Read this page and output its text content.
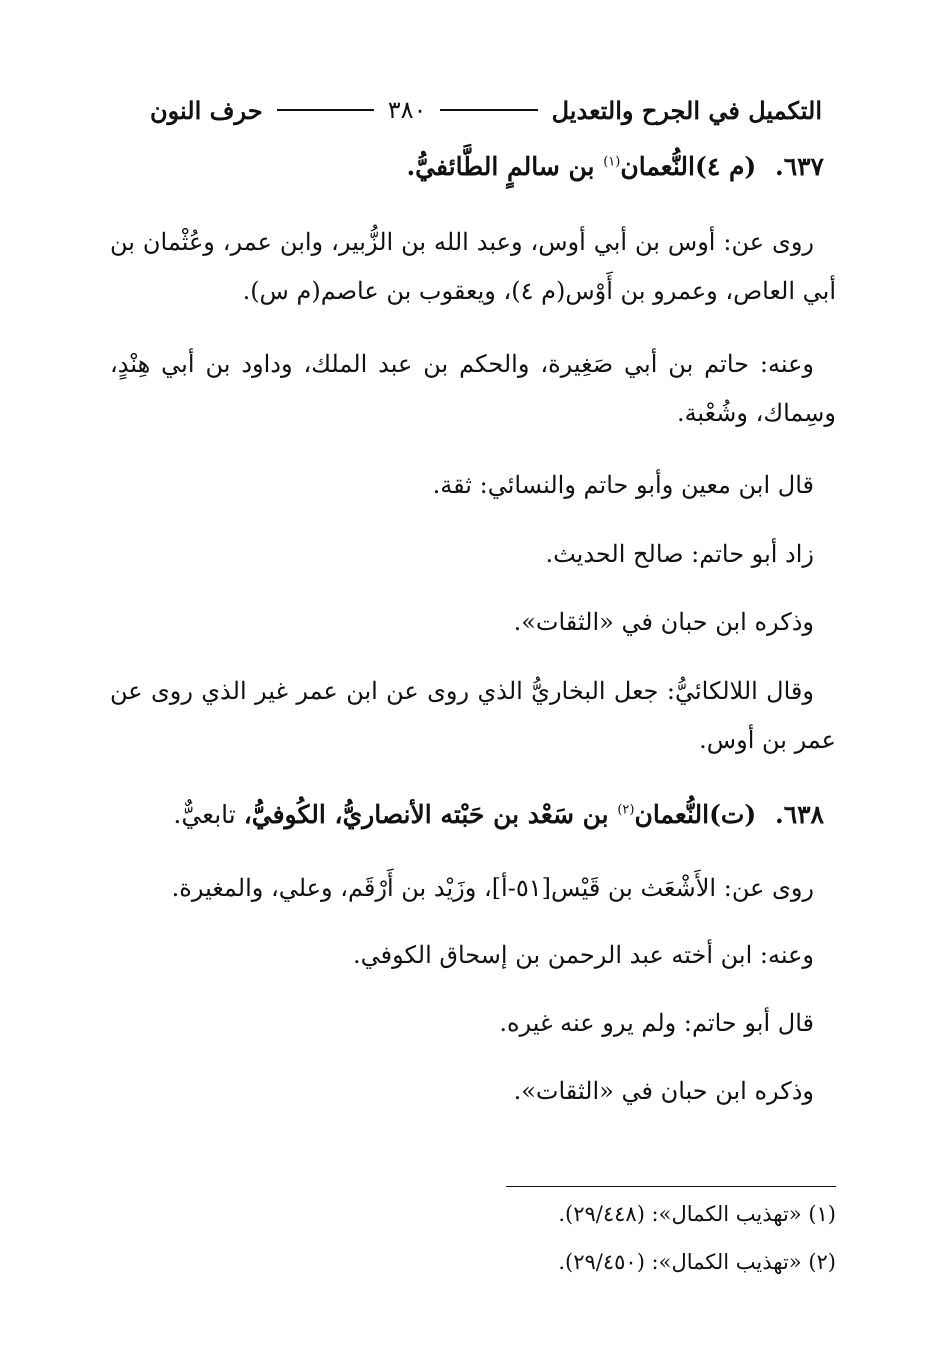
التكميل في الجرح والتعديل
٣٨٠
حرف النون
٦٣٧. (م ٤)النُّعمان$^{(١)}$ بن سالمٍ الطَّائفيُّ.
روى عن: أوس بن أبي أوس، وعبد الله بن الزُّبير، وابن عمر، وعُثْمان بن أبي العاص، وعمرو بن أَوْس(م ٤)، ويعقوب بن عاصم(م س).
وعنه: حاتم بن أبي صَغِيرة، والحكم بن عبد الملك، وداود بن أبي هِنْدٍ، وسِماك، وشُعْبة.
قال ابن معين وأبو حاتم والنسائي: ثقة.
زاد أبو حاتم: صالح الحديث.
وذكره ابن حبان في «الثقات».
وقال اللالكائيُّ: جعل البخاريُّ الذي روى عن ابن عمر غير الذي روى عن عمر بن أوس.
٦٣٨. (ت)النُّعمان$^{(٢)}$ بن سَعْد بن حَبْته الأنصاريُّ، الكُوفيُّ، تابعيٌّ.
روى عن: الأَشْعَث بن قَيْس[٥١-أ]، وزَيْد بن أَرْقَم، وعلي، والمغيرة.
وعنه: ابن أخته عبد الرحمن بن إسحاق الكوفي.
قال أبو حاتم: ولم يرو عنه غيره.
وذكره ابن حبان في «الثقات».
(١) «تهذيب الكمال»: (٢٩/٤٤٨).
(٢) «تهذيب الكمال»: (٢٩/٤٥٠).
